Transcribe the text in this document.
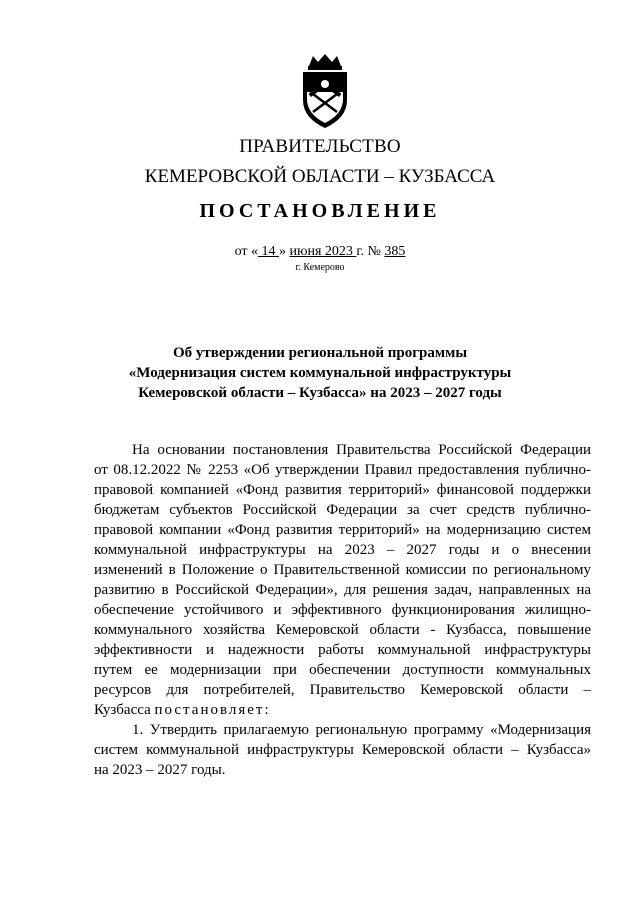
ПРАВИТЕЛЬСТВО
КЕМЕРОВСКОЙ ОБЛАСТИ – КУЗБАССА
ПОСТАНОВЛЕНИЕ
от « 14 » июня 2023 г. № 385
г. Кемерово
Об утверждении региональной программы
«Модернизация систем коммунальной инфраструктуры
Кемеровской области – Кузбасса» на 2023 – 2027 годы
На основании постановления Правительства Российской Федерации
от 08.12.2022 № 2253 «Об утверждении Правил предоставления публично-
правовой компанией «Фонд развития территорий» финансовой поддержки
бюджетам субъектов Российской Федерации за счет средств публично-
правовой компании «Фонд развития территорий» на модернизацию систем
коммунальной инфраструктуры на 2023 – 2027 годы и о внесении
изменений в Положение о Правительственной комиссии по региональному
развитию в Российской Федерации», для решения задач, направленных на
обеспечение устойчивого и эффективного функционирования жилищно-
коммунального хозяйства Кемеровской области - Кузбасса, повышение
эффективности и надежности работы коммунальной инфраструктуры
путем ее модернизации при обеспечении доступности коммунальных
ресурсов для потребителей, Правительство Кемеровской области –
Кузбасса постановляет:
1. Утвердить прилагаемую региональную программу «Модернизация
систем коммунальной инфраструктуры Кемеровской области – Кузбасса»
на 2023 – 2027 годы.
